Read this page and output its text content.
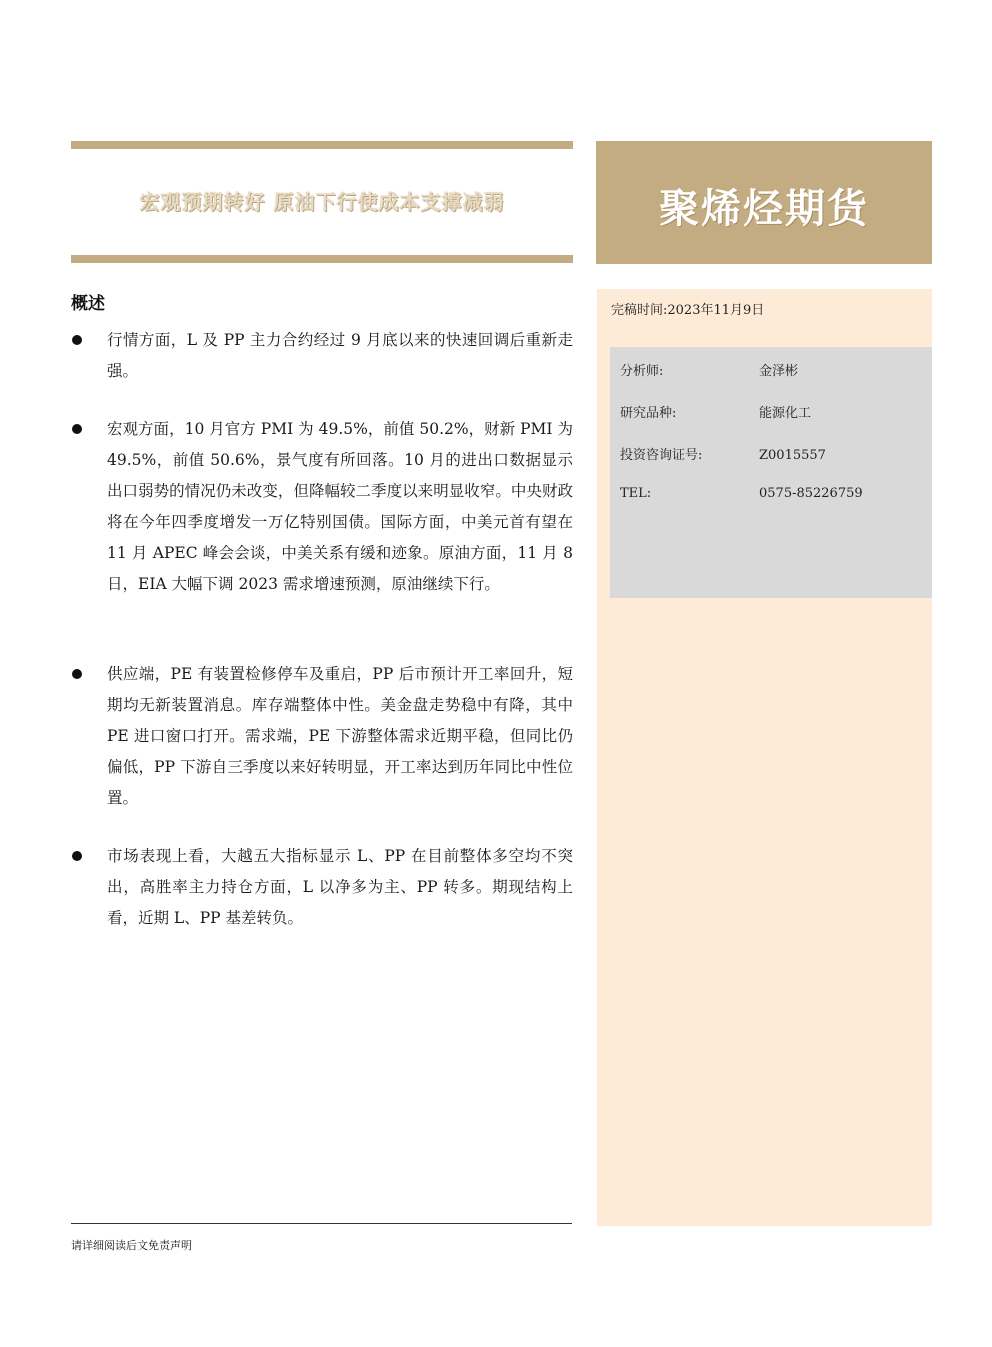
宏观预期转好 原油下行使成本支撑减弱	聚烯烃期货
完稿时间:2023年11月9日
分析师:	金泽彬
研究品种:	能源化工
投资咨询证号:	Z0015557
TEL:	0575-85226759
概述
行情方面，L 及 PP 主力合约经过 9 月底以来的快速回调后重新走强。
宏观方面，10 月官方 PMI 为 49.5%，前值 50.2%，财新 PMI 为 49.5%，前值 50.6%，景气度有所回落。10 月的进出口数据显示出口弱势的情况仍未改变，但降幅较二季度以来明显收窄。中央财政将在今年四季度增发一万亿特别国债。国际方面，中美元首有望在 11 月 APEC 峰会会谈，中美关系有缓和迹象。原油方面，11 月 8 日，EIA 大幅下调 2023 需求增速预测，原油继续下行。
供应端，PE 有装置检修停车及重启，PP 后市预计开工率回升，短期均无新装置消息。库存端整体中性。美金盘走势稳中有降，其中 PE 进口窗口打开。需求端，PE 下游整体需求近期平稳，但同比仍偏低，PP 下游自三季度以来好转明显，开工率达到历年同比中性位置。
市场表现上看，大越五大指标显示 L、PP 在目前整体多空均不突出，高胜率主力持仓方面，L 以净多为主、PP 转多。期现结构上看，近期 L、PP 基差转负。
请详细阅读后文免责声明
